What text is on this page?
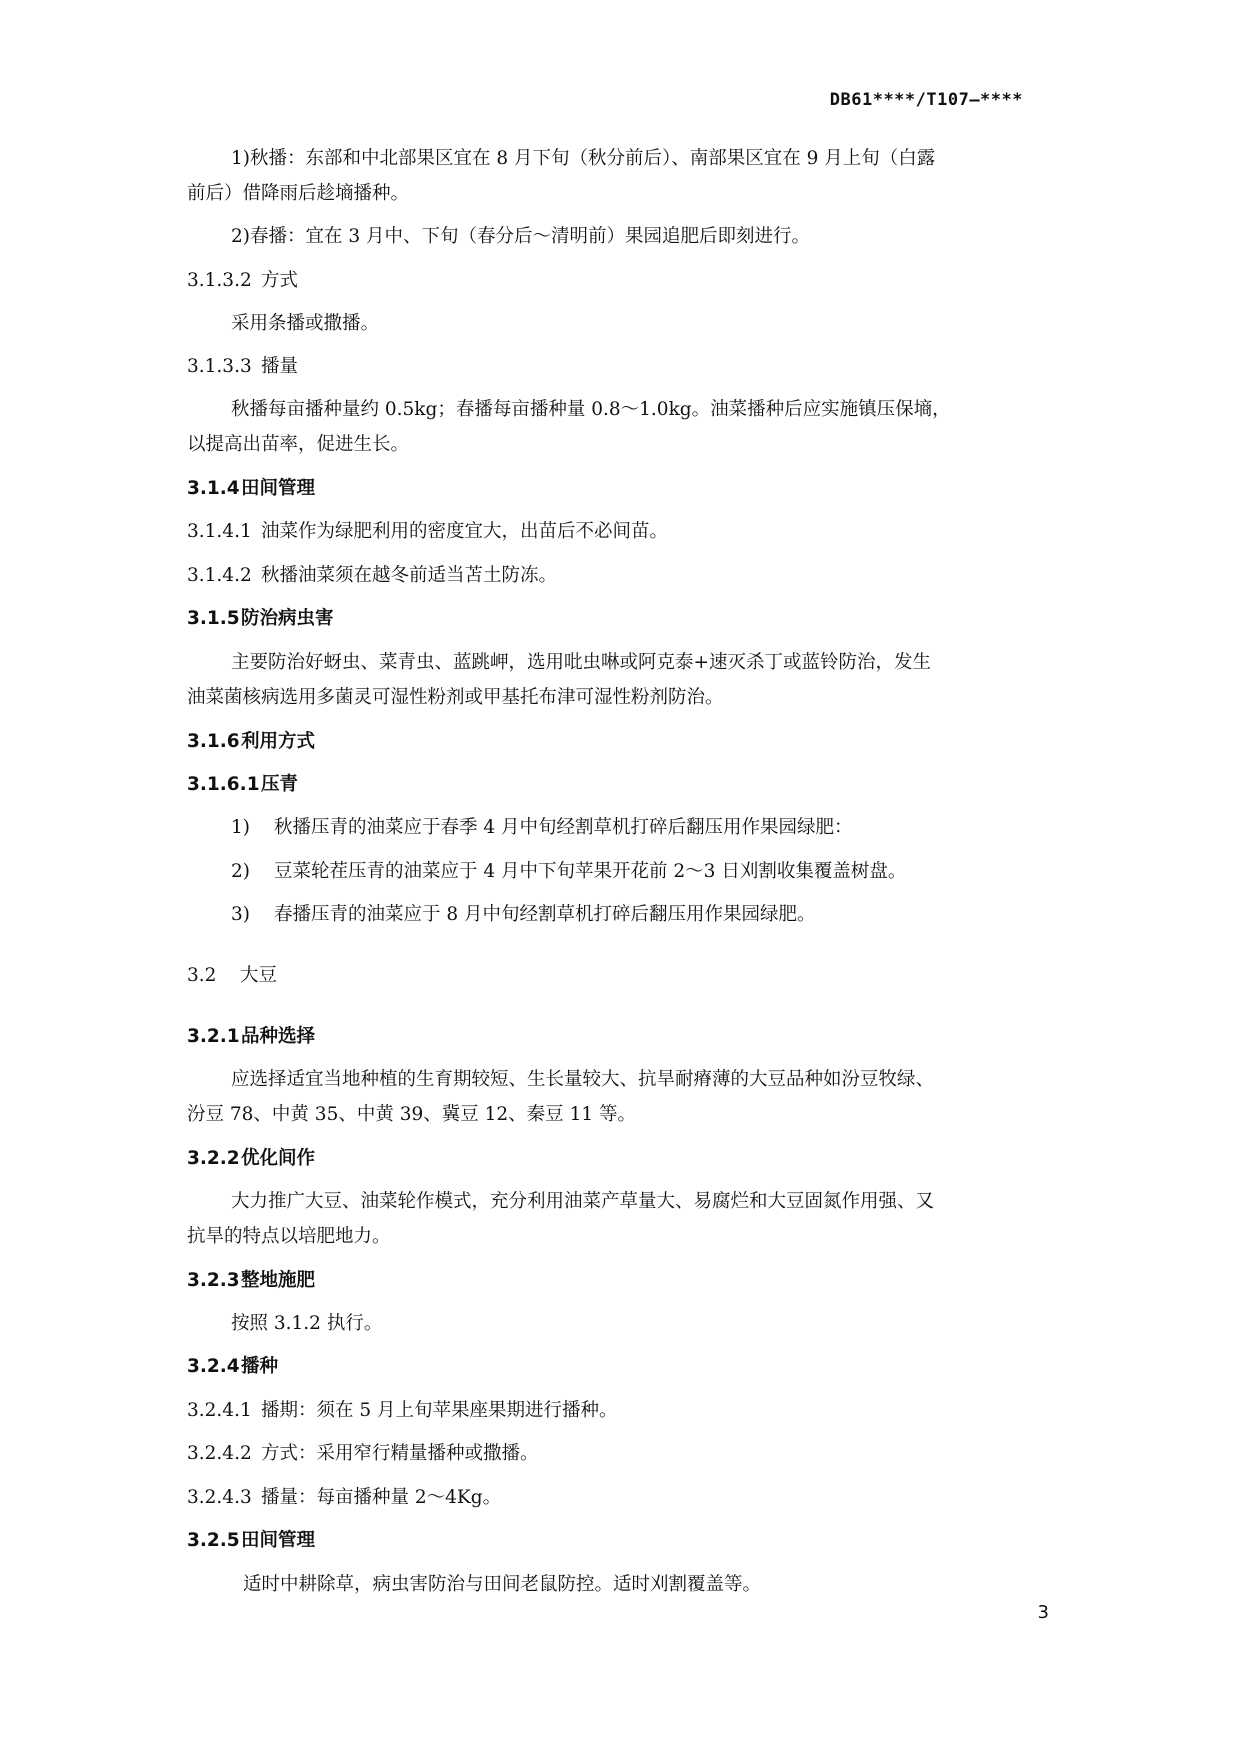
DB61****/T107—****
1)秋播：东部和中北部果区宜在 8 月下旬（秋分前后）、南部果区宜在 9 月上旬（白露
前后）借降雨后趁墒播种。
2)春播：宜在 3 月中、下旬（春分后～清明前）果园追肥后即刻进行。
3.1.3.2 方式
采用条播或撒播。
3.1.3.3 播量
秋播每亩播种量约 0.5kg；春播每亩播种量 0.8～1.0kg。油菜播种后应实施镇压保墒，
以提高出苗率，促进生长。
3.1.4田间管理
3.1.4.1 油菜作为绿肥利用的密度宜大，出苗后不必间苗。
3.1.4.2 秋播油菜须在越冬前适当苫土防冻。
3.1.5防治病虫害
主要防治好蚜虫、菜青虫、蓝跳岬，选用吡虫啉或阿克泰+速灭杀丁或蓝铃防治，发生
油菜菌核病选用多菌灵可湿性粉剂或甲基托布津可湿性粉剂防治。
3.1.6利用方式
3.1.6.1压青
1) 秋播压青的油菜应于春季 4 月中旬经割草机打碎后翻压用作果园绿肥：
2) 豆菜轮茬压青的油菜应于 4 月中下旬苹果开花前 2～3 日刈割收集覆盖树盘。
3) 春播压青的油菜应于 8 月中旬经割草机打碎后翻压用作果园绿肥。
3.2 大豆
3.2.1品种选择
应选择适宜当地种植的生育期较短、生长量较大、抗旱耐瘠薄的大豆品种如汾豆牧绿、
汾豆 78、中黄 35、中黄 39、冀豆 12、秦豆 11 等。
3.2.2优化间作
大力推广大豆、油菜轮作模式，充分利用油菜产草量大、易腐烂和大豆固氮作用强、又
抗旱的特点以培肥地力。
3.2.3整地施肥
按照 3.1.2 执行。
3.2.4播种
3.2.4.1 播期：须在 5 月上旬苹果座果期进行播种。
3.2.4.2 方式：采用窄行精量播种或撒播。
3.2.4.3 播量：每亩播种量 2～4Kg。
3.2.5田间管理
适时中耕除草，病虫害防治与田间老鼠防控。适时刈割覆盖等。
3
